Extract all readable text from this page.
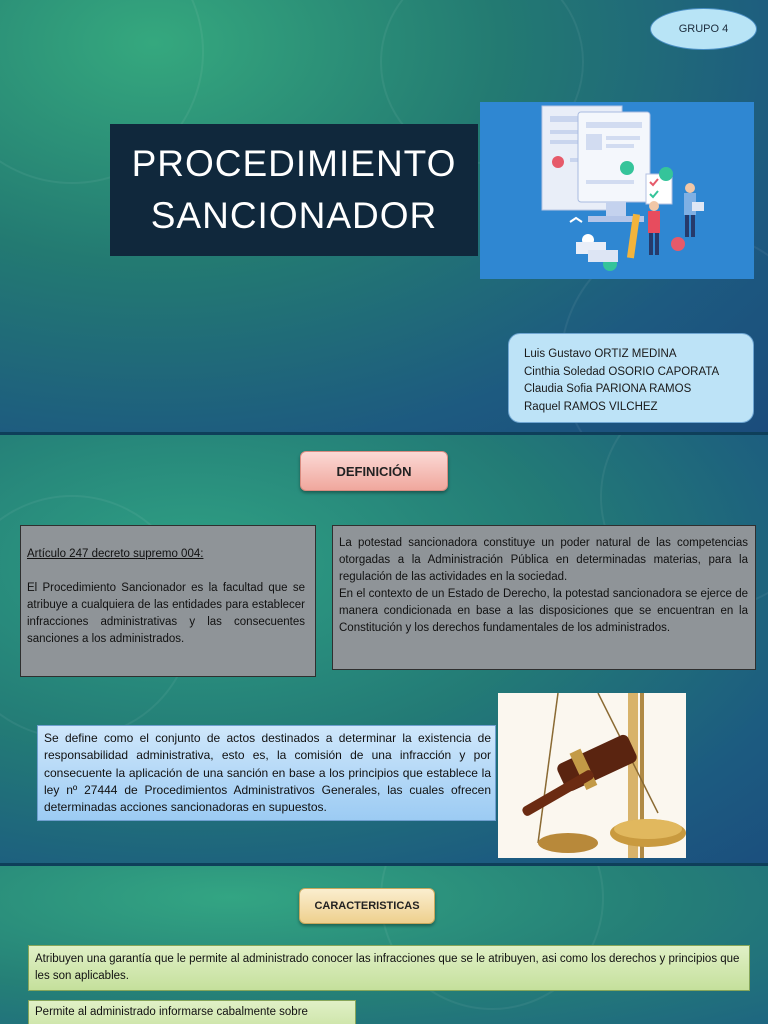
GRUPO 4
PROCEDIMIENTO
SANCIONADOR
Luis Gustavo ORTIZ MEDINA
Cinthia Soledad OSORIO CAPORATA
Claudia Sofia PARIONA RAMOS
Raquel RAMOS VILCHEZ
DEFINICIÓN
Artículo 247 decreto supremo 004:
El Procedimiento Sancionador es la facultad que se atribuye a cualquiera de las entidades para establecer infracciones administrativas y las consecuentes sanciones a los administrados.
La potestad sancionadora constituye un poder natural de las competencias otorgadas a la Administración Pública en determinadas materias, para la regulación de las actividades en la sociedad.
En el contexto de un Estado de Derecho, la potestad sancionadora se ejerce de manera condicionada en base a las disposiciones que se encuentran en la Constitución y los derechos fundamentales de los administrados.
Se define como el conjunto de actos destinados a determinar la existencia de responsabilidad administrativa, esto es, la comisión de una infracción y por consecuente la aplicación de una sanción en base a los principios que establece la ley nº 27444 de Procedimientos Administrativos Generales, las cuales ofrecen determinadas acciones sancionadoras en supuestos.
CARACTERISTICAS
Atribuyen una garantía que le permite al administrado conocer las infracciones que se le atribuyen, asi como los derechos y principios que les son aplicables.
Permite al administrado informarse cabalmente sobre
